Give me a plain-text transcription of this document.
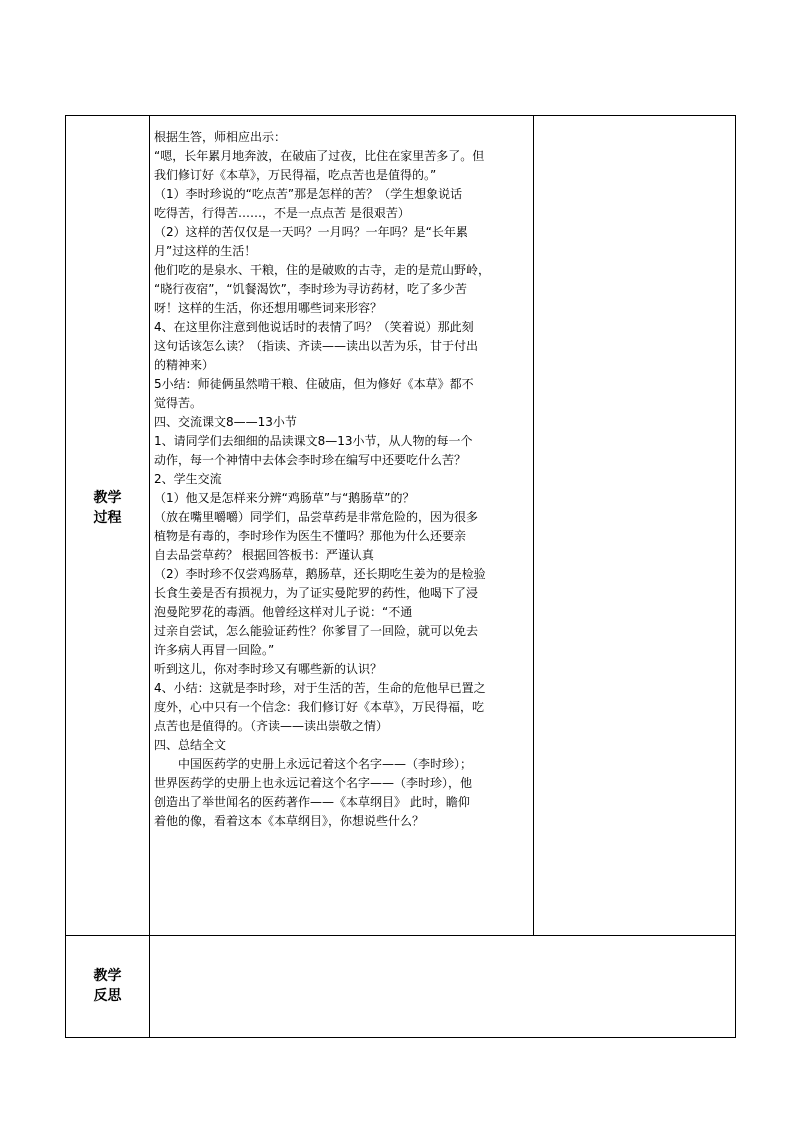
教学
过程

根据生答，师相应出示：

“嗯，长年累月地奔波，在破庙了过夜，比住在家里苦多了。但

我们修订好《本草》，万民得福，吃点苦也是值得的。”

（1）李时珍说的“吃点苦”那是怎样的苦？（学生想象说话

吃得苦，行得苦……，不是一点点苦 是很艰苦）

（2）这样的苦仅仅是一天吗？一月吗？一年吗？是“长年累

月”过这样的生活！

他们吃的是泉水、干粮，住的是破败的古寺，走的是荒山野岭，

“晓行夜宿”，“饥餐渴饮”，李时珍为寻访药材，吃了多少苦

呀！这样的生活，你还想用哪些词来形容？

4、在这里你注意到他说话时的表情了吗？（笑着说）那此刻

这句话该怎么读？（指读、齐读——读出以苦为乐，甘于付出

的精神来）

5小结：师徒俩虽然啃干粮、住破庙，但为修好《本草》都不

觉得苦。

四、交流课文8——13小节

1、请同学们去细细的品读课文8—13小节，从人物的每一个

动作，每一个神情中去体会李时珍在编写中还要吃什么苦？

2、学生交流

（1）他又是怎样来分辨“鸡肠草”与“鹅肠草”的？

（放在嘴里嚼嚼）同学们，品尝草药是非常危险的，因为很多

植物是有毒的，李时珍作为医生不懂吗？那他为什么还要亲

自去品尝草药？ 根据回答板书：严谨认真

（2）李时珍不仅尝鸡肠草，鹅肠草，还长期吃生姜为的是检验

长食生姜是否有损视力，为了证实曼陀罗的药性，他喝下了浸

泡曼陀罗花的毒酒。他曾经这样对儿子说：“不通

过亲自尝试，怎么能验证药性？你爹冒了一回险，就可以免去

许多病人再冒一回险。”

听到这儿，你对李时珍又有哪些新的认识？

4、小结：这就是李时珍，对于生活的苦，生命的危他早已置之

度外，心中只有一个信念：我们修订好《本草》，万民得福，吃

点苦也是值得的。（齐读——读出崇敬之情）

四、总结全文

中国医药学的史册上永远记着这个名字——（李时珍）；

世界医药学的史册上也永远记着这个名字——（李时珍），他

创造出了举世闻名的医药著作——《本草纲目》 此时，瞻仰

着他的像，看着这本《本草纲目》，你想说些什么？

教学
反思
